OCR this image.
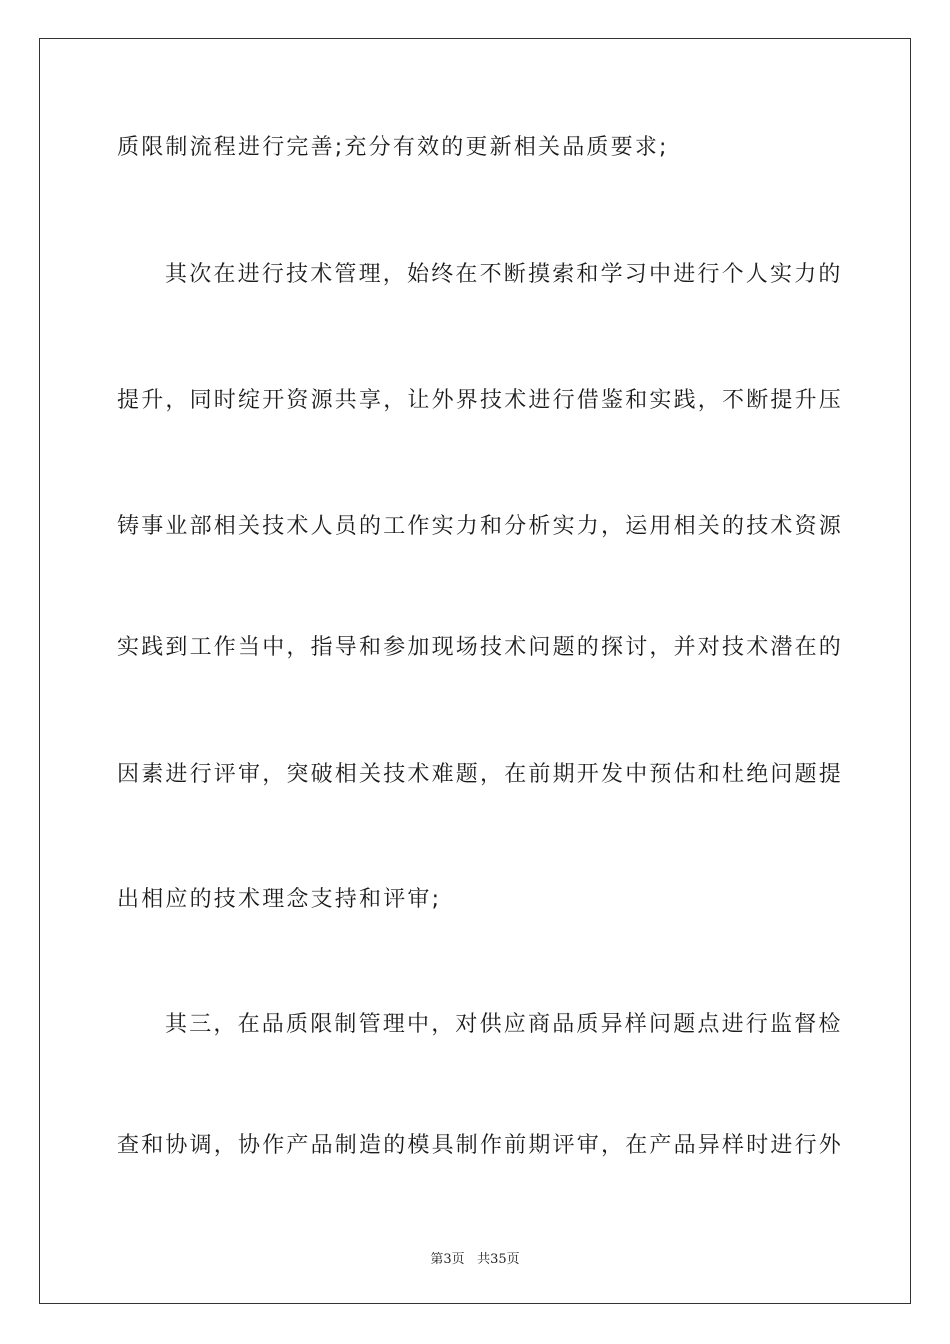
质限制流程进行完善;充分有效的更新相关品质要求;
其次在进行技术管理，始终在不断摸索和学习中进行个人实力的
提升，同时绽开资源共享，让外界技术进行借鉴和实践，不断提升压
铸事业部相关技术人员的工作实力和分析实力，运用相关的技术资源
实践到工作当中，指导和参加现场技术问题的探讨，并对技术潜在的
因素进行评审，突破相关技术难题，在前期开发中预估和杜绝问题提
出相应的技术理念支持和评审;
其三，在品质限制管理中，对供应商品质异样问题点进行监督检
查和协调，协作产品制造的模具制作前期评审，在产品异样时进行外
第3页 共35页
